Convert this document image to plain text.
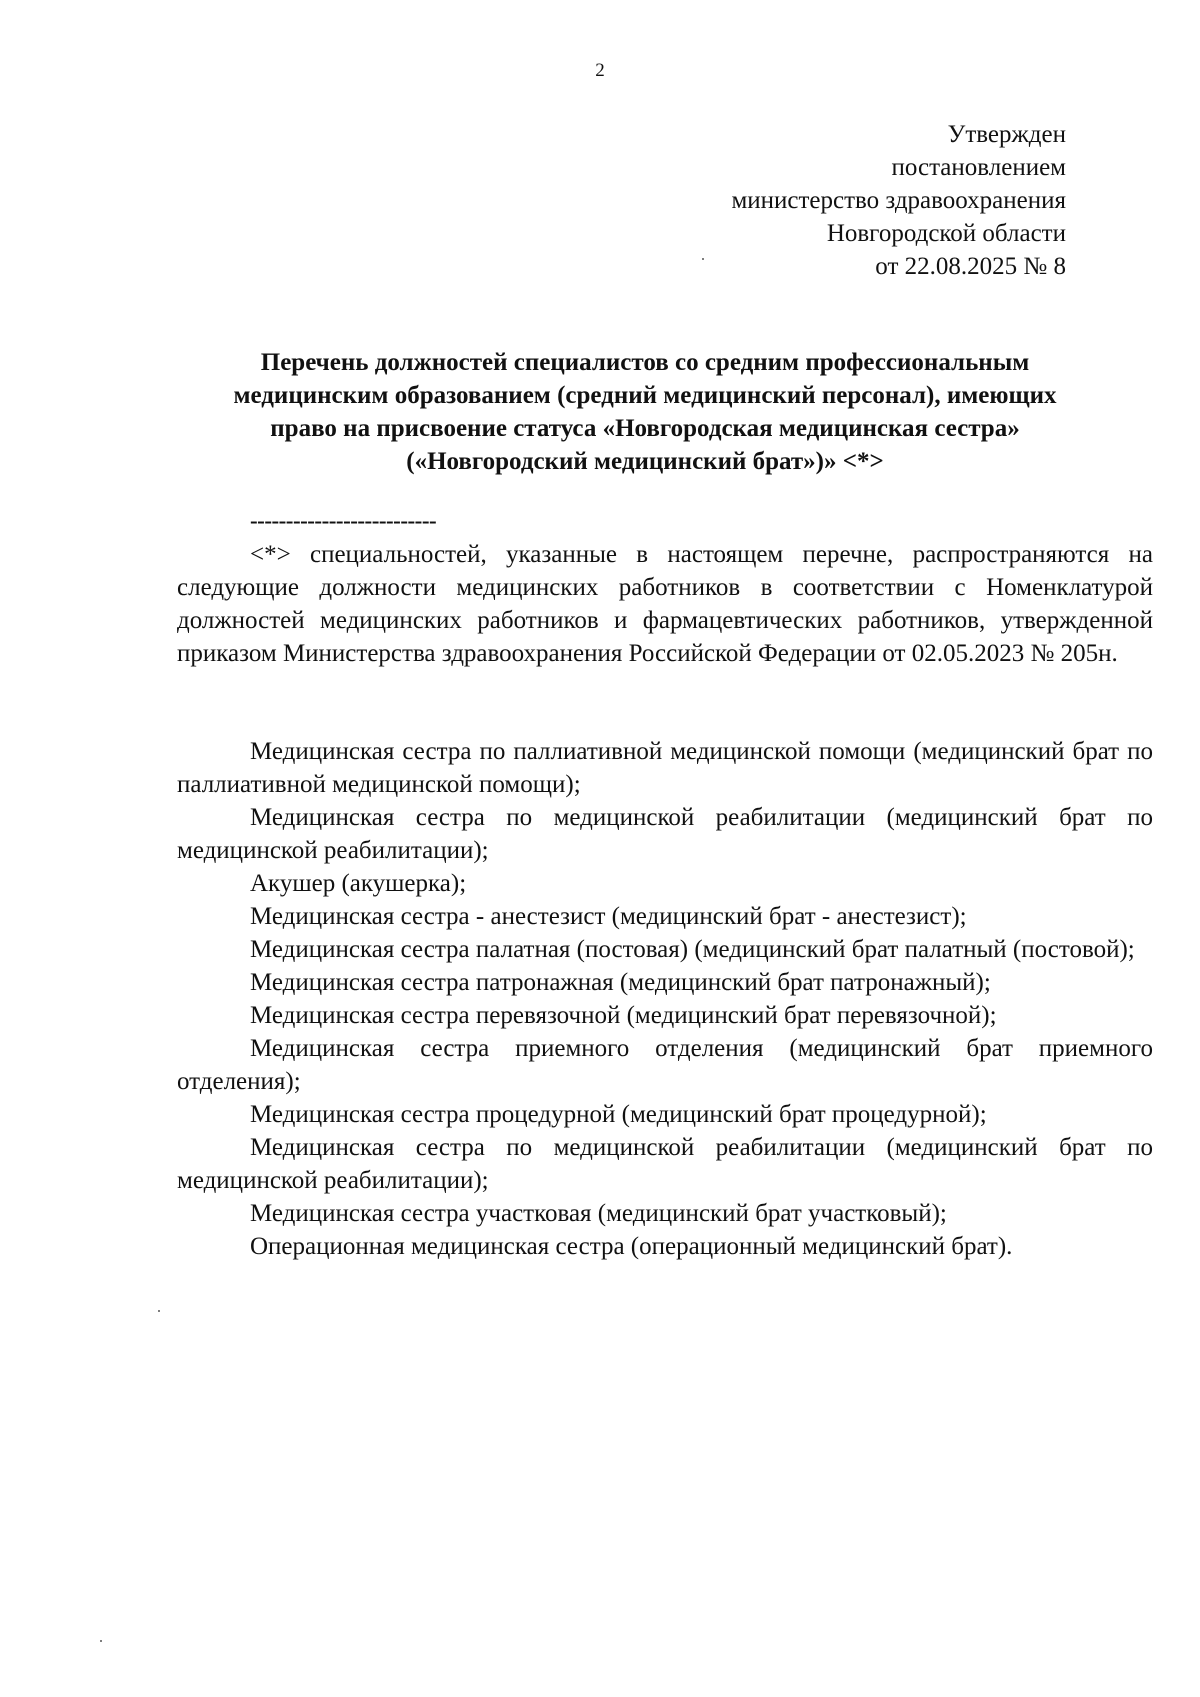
2
Утвержден
постановлением
министерство здравоохранения
Новгородской области
от 22.08.2025 № 8
Перечень должностей специалистов со средним профессиональным
медицинским образованием (средний медицинский персонал), имеющих
право на присвоение статуса «Новгородская медицинская сестра»
(«Новгородский медицинский брат»)» <*>
--------------------------

<*> специальностей, указанные в настоящем перечне, распространяются на следующие должности медицинских работников в соответствии с Номенклатурой должностей медицинских работников и фармацевтических работников, утвержденной приказом Министерства здравоохранения Российской Федерации от 02.05.2023 № 205н.

Медицинская сестра по паллиативной медицинской помощи (медицинский брат по паллиативной медицинской помощи);

Медицинская сестра по медицинской реабилитации (медицинский брат по медицинской реабилитации);

Акушер (акушерка);

Медицинская сестра - анестезист (медицинский брат - анестезист);

Медицинская сестра палатная (постовая) (медицинский брат палатный (постовой);

Медицинская сестра патронажная (медицинский брат патронажный);

Медицинская сестра перевязочной (медицинский брат перевязочной);

Медицинская сестра приемного отделения (медицинский брат приемного отделения);

Медицинская сестра процедурной (медицинский брат процедурной);

Медицинская сестра по медицинской реабилитации (медицинский брат по медицинской реабилитации);

Медицинская сестра участковая (медицинский брат участковый);

Операционная медицинская сестра (операционный медицинский брат).
